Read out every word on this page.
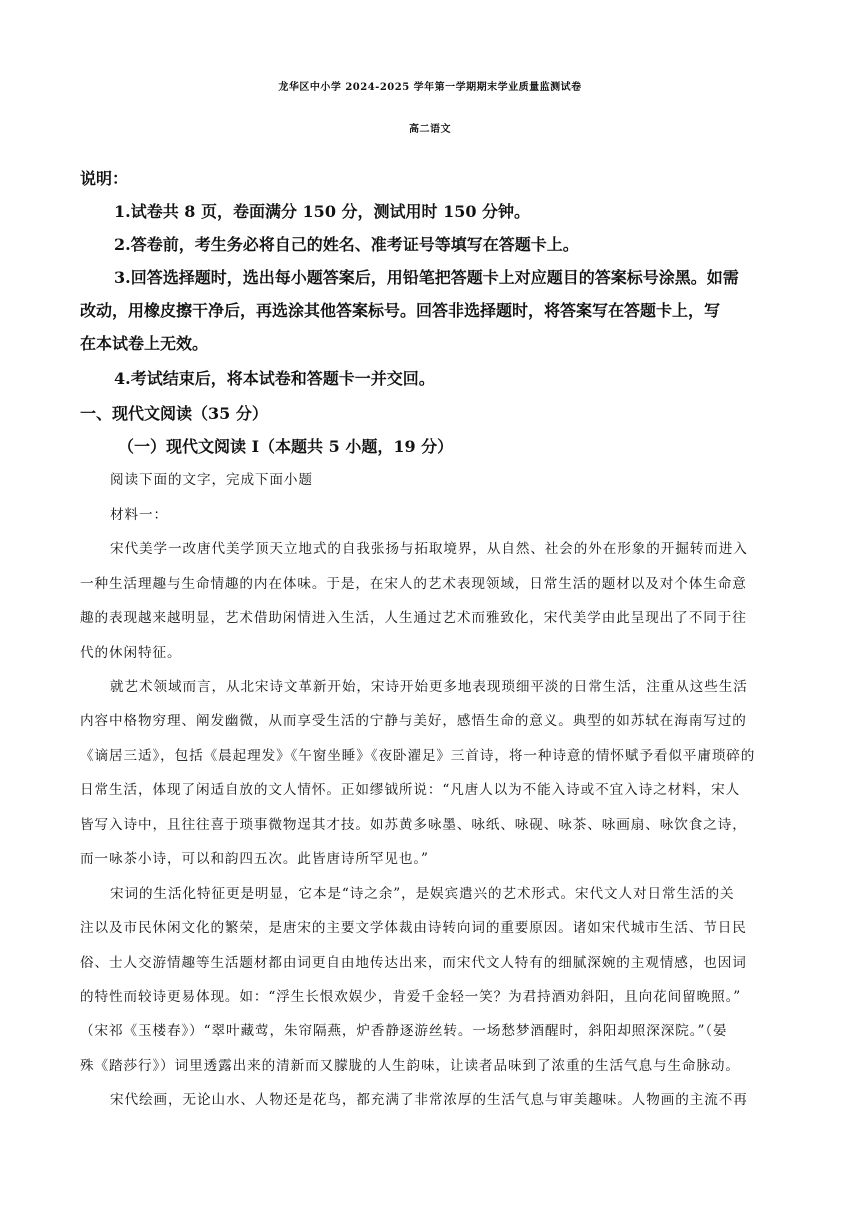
龙华区中小学 2024-2025 学年第一学期期末学业质量监测试卷
高二语文
说明：
1.试卷共 8 页，卷面满分 150 分，测试用时 150 分钟。
2.答卷前，考生务必将自己的姓名、准考证号等填写在答题卡上。
3.回答选择题时，选出每小题答案后，用铅笔把答题卡上对应题目的答案标号涂黑。如需
改动，用橡皮擦干净后，再选涂其他答案标号。回答非选择题时，将答案写在答题卡上，写
在本试卷上无效。
4.考试结束后，将本试卷和答题卡一并交回。
一、现代文阅读（35 分）
（一）现代文阅读 I（本题共 5 小题，19 分）
阅读下面的文字，完成下面小题
材料一：
宋代美学一改唐代美学顶天立地式的自我张扬与拓取境界，从自然、社会的外在形象的开掘转而进入
一种生活理趣与生命情趣的内在体味。于是，在宋人的艺术表现领域，日常生活的题材以及对个体生命意
趣的表现越来越明显，艺术借助闲情进入生活，人生通过艺术而雅致化，宋代美学由此呈现出了不同于往
代的休闲特征。
就艺术领域而言，从北宋诗文革新开始，宋诗开始更多地表现琐细平淡的日常生活，注重从这些生活
内容中格物穷理、阐发幽微，从而享受生活的宁静与美好，感悟生命的意义。典型的如苏轼在海南写过的
《谪居三适》，包括《晨起理发》《午窗坐睡》《夜卧濯足》三首诗，将一种诗意的情怀赋予看似平庸琐碎的
日常生活，体现了闲适自放的文人情怀。正如缪钺所说：“凡唐人以为不能入诗或不宜入诗之材料，宋人
皆写入诗中，且往往喜于琐事微物逞其才技。如苏黄多咏墨、咏纸、咏砚、咏茶、咏画扇、咏饮食之诗，
而一咏茶小诗，可以和韵四五次。此皆唐诗所罕见也。”
宋词的生活化特征更是明显，它本是“诗之余”，是娱宾遣兴的艺术形式。宋代文人对日常生活的关
注以及市民休闲文化的繁荣，是唐宋的主要文学体裁由诗转向词的重要原因。诸如宋代城市生活、节日民
俗、士人交游情趣等生活题材都由词更自由地传达出来，而宋代文人特有的细腻深婉的主观情感，也因词
的特性而较诗更易体现。如：“浮生长恨欢娱少，肯爱千金轻一笑？为君持酒劝斜阳，且向花间留晚照。”
（宋祁《玉楼春》）“翠叶藏莺，朱帘隔燕，炉香静逐游丝转。一场愁梦酒醒时，斜阳却照深深院。”（晏
殊《踏莎行》）词里透露出来的清新而又朦胧的人生韵味，让读者品味到了浓重的生活气息与生命脉动。
宋代绘画，无论山水、人物还是花鸟，都充满了非常浓厚的生活气息与审美趣味。人物画的主流不再
